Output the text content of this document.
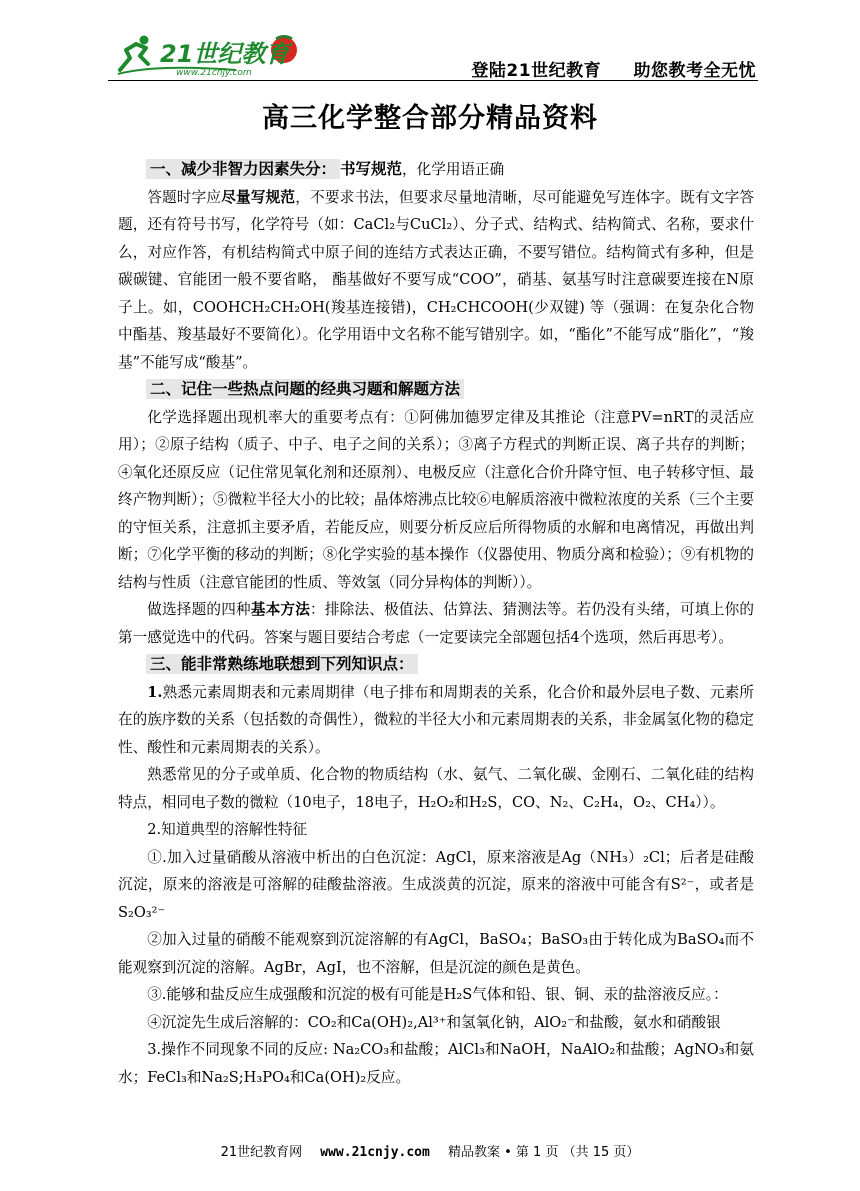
21世纪教育
www.21cnjy.com	登陆21世纪教育 助您教考全无忧
高三化学整合部分精品资料
一、减少非智力因素失分： 书写规范，化学用语正确

答题时字应尽量写规范，不要求书法，但要求尽量地清晰，尽可能避免写连体字。既有文字答题，还有符号书写，化学符号（如：CaCl₂与CuCl₂）、分子式、结构式、结构简式、名称，要求什么，对应作答，有机结构简式中原子间的连结方式表达正确，不要写错位。结构简式有多种，但是碳碳键、官能团一般不要省略， 酯基做好不要写成“COO”，硝基、氨基写时注意碳要连接在N原子上。如，COOHCH₂CH₂OH(羧基连接错)，CH₂CHCOOH(少双键) 等（强调：在复杂化合物中酯基、羧基最好不要简化）。化学用语中文名称不能写错别字。如，“酯化”不能写成“脂化”，“羧基”不能写成“酸基”。

二、记住一些热点问题的经典习题和解题方法

化学选择题出现机率大的重要考点有：①阿佛加德罗定律及其推论（注意PV=nRT的灵活应用）；②原子结构（质子、中子、电子之间的关系）；③离子方程式的判断正误、离子共存的判断；④氧化还原反应（记住常见氧化剂和还原剂）、电极反应（注意化合价升降守恒、电子转移守恒、最终产物判断）；⑤微粒半径大小的比较；晶体熔沸点比较⑥电解质溶液中微粒浓度的关系（三个主要的守恒关系，注意抓主要矛盾，若能反应，则要分析反应后所得物质的水解和电离情况，再做出判断；⑦化学平衡的移动的判断；⑧化学实验的基本操作（仪器使用、物质分离和检验）；⑨有机物的结构与性质（注意官能团的性质、等效氢（同分异构体的判断））。

做选择题的四种基本方法：排除法、极值法、估算法、猜测法等。若仍没有头绪，可填上你的第一感觉选中的代码。答案与题目要结合考虑（一定要读完全部题包括4个选项，然后再思考）。

三、能非常熟练地联想到下列知识点：

1.熟悉元素周期表和元素周期律（电子排布和周期表的关系，化合价和最外层电子数、元素所在的族序数的关系（包括数的奇偶性），微粒的半径大小和元素周期表的关系，非金属氢化物的稳定性、酸性和元素周期表的关系）。

熟悉常见的分子或单质、化合物的物质结构（水、氨气、二氧化碳、金刚石、二氧化硅的结构特点，相同电子数的微粒（10电子，18电子，H₂O₂和H₂S，CO、N₂、C₂H₄，O₂、CH₄））。

2.知道典型的溶解性特征

①.加入过量硝酸从溶液中析出的白色沉淀：AgCl，原来溶液是Ag（NH₃）₂Cl；后者是硅酸沉淀，原来的溶液是可溶解的硅酸盐溶液。生成淡黄的沉淀，原来的溶液中可能含有S²⁻，或者是S₂O₃²⁻

②加入过量的硝酸不能观察到沉淀溶解的有AgCl，BaSO₄；BaSO₃由于转化成为BaSO₄而不能观察到沉淀的溶解。AgBr，AgI，也不溶解，但是沉淀的颜色是黄色。

③.能够和盐反应生成强酸和沉淀的极有可能是H₂S气体和铅、银、铜、汞的盐溶液反应。：

④沉淀先生成后溶解的：CO₂和Ca(OH)₂,Al³⁺和氢氧化钠，AlO₂⁻和盐酸，氨水和硝酸银

3.操作不同现象不同的反应: Na₂CO₃和盐酸；AlCl₃和NaOH，NaAlO₂和盐酸；AgNO₃和氨水；FeCl₃和Na₂S;H₃PO₄和Ca(OH)₂反应。

21世纪教育网 www.21cnjy.com 精品教案 • 第 1 页 （共 15 页）
